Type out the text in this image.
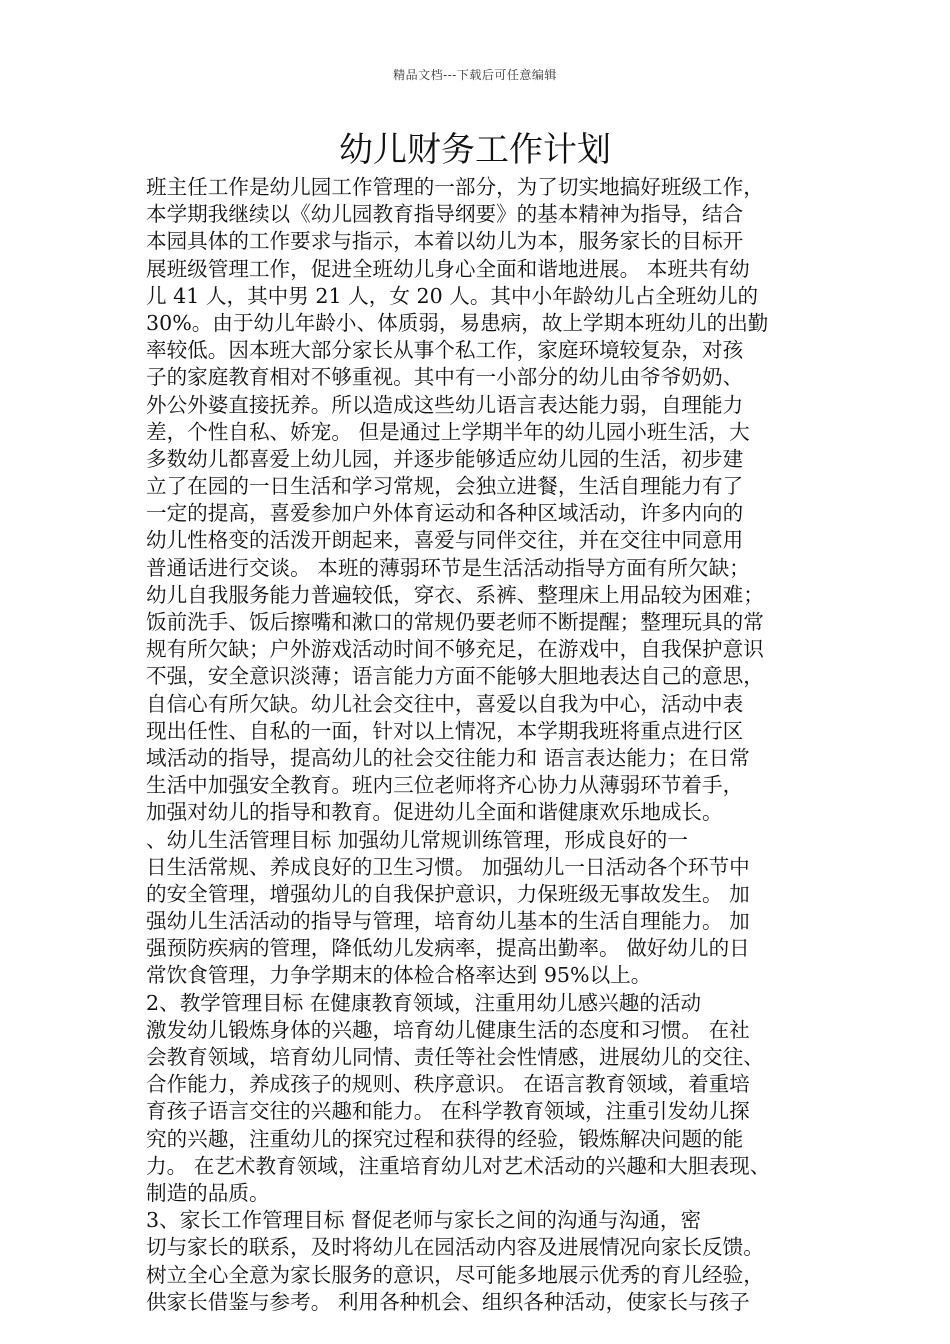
精品文档---下载后可任意编辑
幼儿财务工作计划
班主任工作是幼儿园工作管理的一部分，为了切实地搞好班级工作，
本学期我继续以《幼儿园教育指导纲要》的基本精神为指导，结合
本园具体的工作要求与指示，本着以幼儿为本，服务家长的目标开
展班级管理工作，促进全班幼儿身心全面和谐地进展。 本班共有幼
儿 41 人，其中男 21 人，女 20 人。其中小年龄幼儿占全班幼儿的
30%。由于幼儿年龄小、体质弱，易患病，故上学期本班幼儿的出勤
率较低。因本班大部分家长从事个私工作，家庭环境较复杂，对孩
子的家庭教育相对不够重视。其中有一小部分的幼儿由爷爷奶奶、
外公外婆直接抚养。所以造成这些幼儿语言表达能力弱，自理能力
差，个性自私、娇宠。 但是通过上学期半年的幼儿园小班生活，大
多数幼儿都喜爱上幼儿园，并逐步能够适应幼儿园的生活，初步建
立了在园的一日生活和学习常规，会独立进餐，生活自理能力有了
一定的提高，喜爱参加户外体育运动和各种区域活动，许多内向的
幼儿性格变的活泼开朗起来，喜爱与同伴交往，并在交往中同意用
普通话进行交谈。 本班的薄弱环节是生活活动指导方面有所欠缺；
幼儿自我服务能力普遍较低，穿衣、系裤、整理床上用品较为困难；
饭前洗手、饭后擦嘴和漱口的常规仍要老师不断提醒；整理玩具的常
规有所欠缺；户外游戏活动时间不够充足，在游戏中，自我保护意识
不强，安全意识淡薄；语言能力方面不能够大胆地表达自己的意思，
自信心有所欠缺。幼儿社会交往中，喜爱以自我为中心，活动中表
现出任性、自私的一面，针对以上情况，本学期我班将重点进行区
域活动的指导，提高幼儿的社会交往能力和 语言表达能力；在日常
生活中加强安全教育。班内三位老师将齐心协力从薄弱环节着手，
加强对幼儿的指导和教育。促进幼儿全面和谐健康欢乐地成长。
、幼儿生活管理目标 加强幼儿常规训练管理，形成良好的一
日生活常规、养成良好的卫生习惯。 加强幼儿一日活动各个环节中
的安全管理，增强幼儿的自我保护意识，力保班级无事故发生。 加
强幼儿生活活动的指导与管理，培育幼儿基本的生活自理能力。 加
强预防疾病的管理，降低幼儿发病率，提高出勤率。 做好幼儿的日
常饮食管理，力争学期末的体检合格率达到 95%以上。
2、教学管理目标 在健康教育领域，注重用幼儿感兴趣的活动
激发幼儿锻炼身体的兴趣，培育幼儿健康生活的态度和习惯。 在社
会教育领域，培育幼儿同情、责任等社会性情感，进展幼儿的交往、
合作能力，养成孩子的规则、秩序意识。 在语言教育领域，着重培
育孩子语言交往的兴趣和能力。 在科学教育领域，注重引发幼儿探
究的兴趣，注重幼儿的探究过程和获得的经验，锻炼解决问题的能
力。 在艺术教育领域，注重培育幼儿对艺术活动的兴趣和大胆表现、
制造的品质。
3、家长工作管理目标 督促老师与家长之间的沟通与沟通，密
切与家长的联系，及时将幼儿在园活动内容及进展情况向家长反馈。
树立全心全意为家长服务的意识，尽可能多地展示优秀的育儿经验，
供家长借鉴与参考。 利用各种机会、组织各种活动，使家长与孩子
